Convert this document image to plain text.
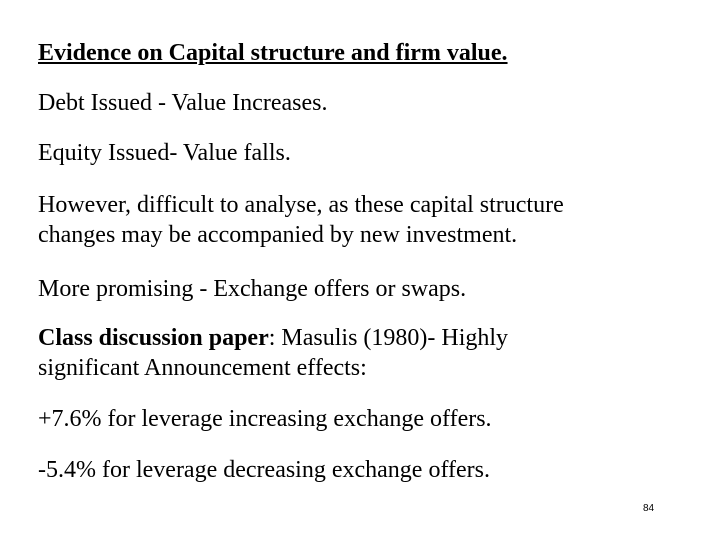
Evidence on Capital structure and firm value.
Debt Issued - Value Increases.
Equity Issued- Value falls.
However, difficult to analyse, as these capital structure
changes may be accompanied by new investment.
More promising - Exchange offers or swaps.
Class discussion paper: Masulis (1980)- Highly
significant Announcement effects:
+7.6% for leverage increasing exchange offers.
-5.4% for leverage decreasing exchange offers.
84
